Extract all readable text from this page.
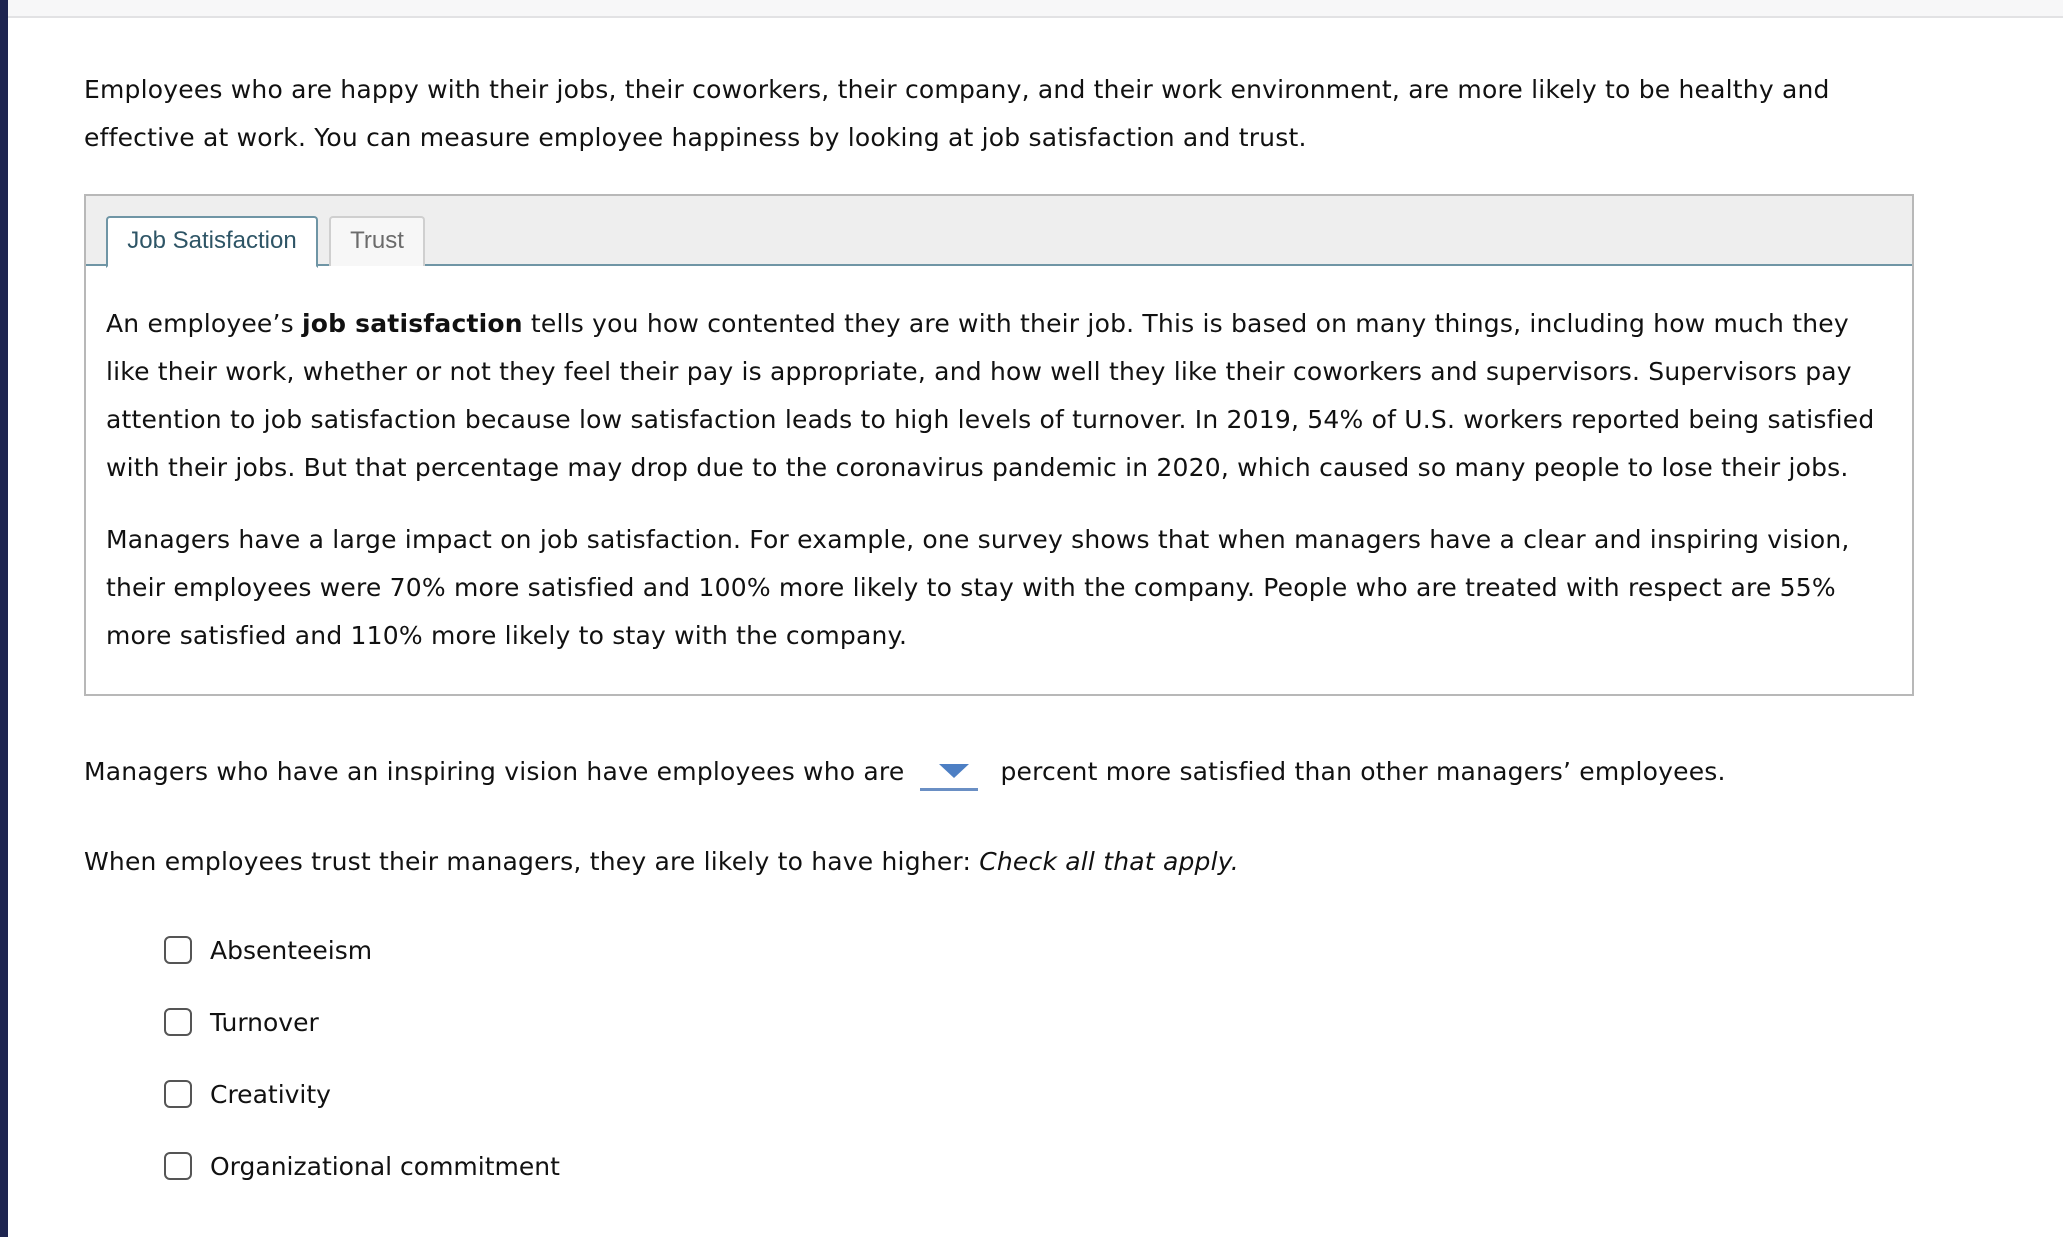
Employees who are happy with their jobs, their coworkers, their company, and their work environment, are more likely to be healthy and effective at work. You can measure employee happiness by looking at job satisfaction and trust.

Job Satisfaction	Trust

An employee’s job satisfaction tells you how contented they are with their job. This is based on many things, including how much they like their work, whether or not they feel their pay is appropriate, and how well they like their coworkers and supervisors. Supervisors pay attention to job satisfaction because low satisfaction leads to high levels of turnover. In 2019, 54% of U.S. workers reported being satisfied with their jobs. But that percentage may drop due to the coronavirus pandemic in 2020, which caused so many people to lose their jobs.

Managers have a large impact on job satisfaction. For example, one survey shows that when managers have a clear and inspiring vision, their employees were 70% more satisfied and 100% more likely to stay with the company. People who are treated with respect are 55% more satisfied and 110% more likely to stay with the company.

Managers who have an inspiring vision have employees who are	percent more satisfied than other managers’ employees.
When employees trust their managers, they are likely to have higher: Check all that apply.
Absenteeism
Turnover
Creativity
Organizational commitment
